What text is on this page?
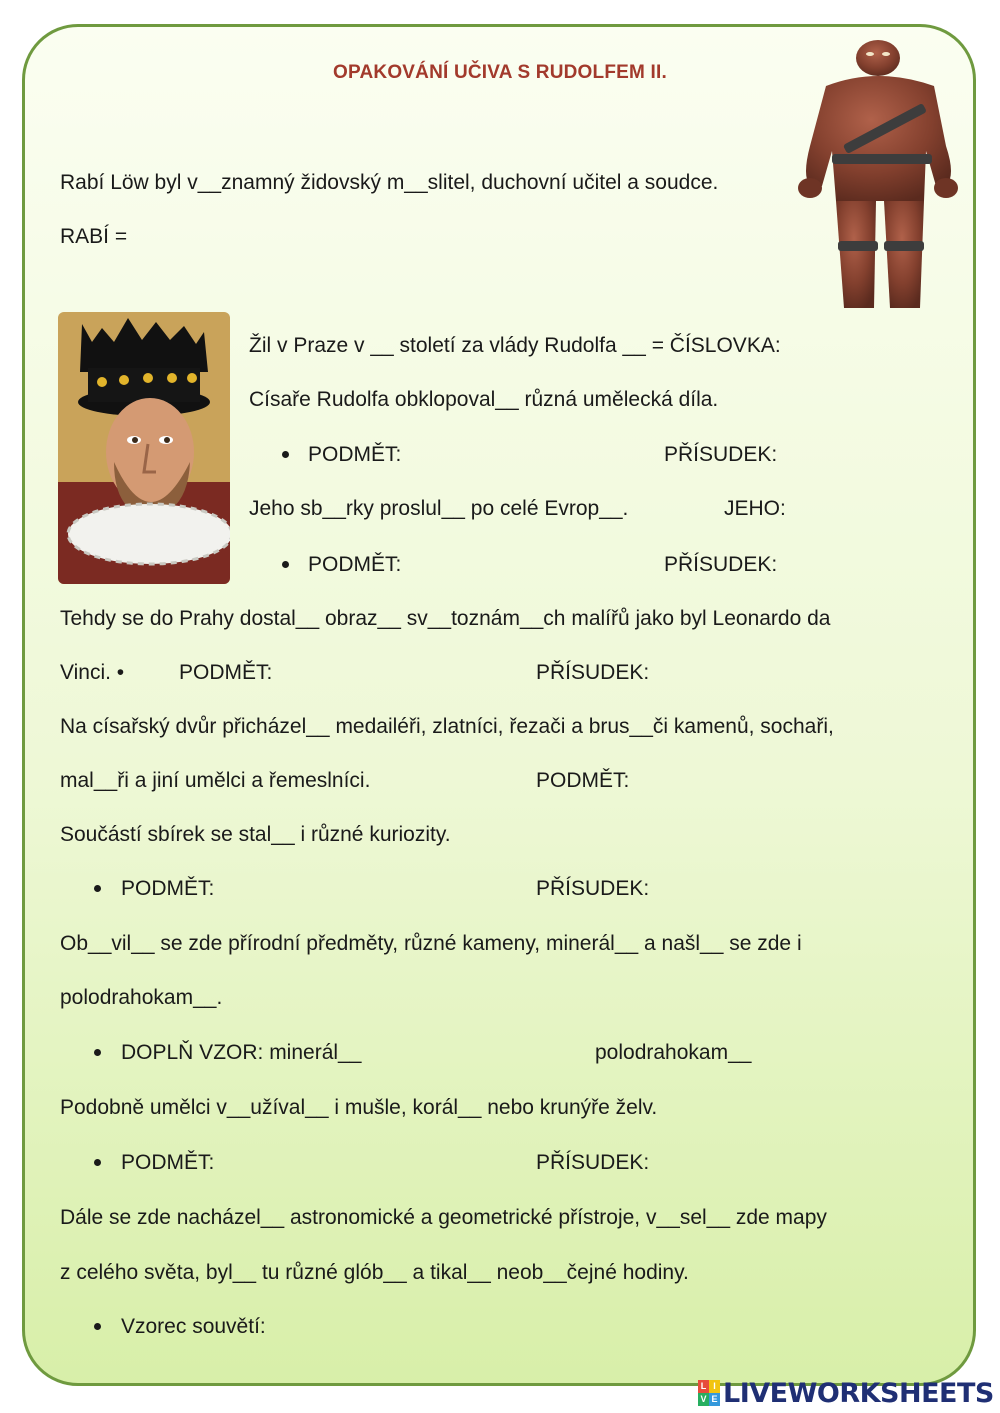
OPAKOVÁNÍ UČIVA S RUDOLFEM II.
Rabí Löw byl v__znamný židovský m__slitel, duchovní učitel a soudce.
RABÍ =
Žil v Praze v __ století za vlády Rudolfa __ = ČÍSLOVKA:
Císaře Rudolfa obklopoval__ různá umělecká díla.
PODMĚT:	PŘÍSUDEK:
Jeho sb__rky proslul__ po celé Evrop__.	JEHO:
PODMĚT:	PŘÍSUDEK:
Tehdy se do Prahy dostal__ obraz__ sv__toznám__ch malířů jako byl Leonardo da
Vinci. •	PODMĚT:	PŘÍSUDEK:
Na císařský dvůr přicházel__ medailéři, zlatníci, řezači a brus__či kamenů, sochaři,
mal__ři a jiní umělci a řemeslníci.	PODMĚT:
Součástí sbírek se stal__ i různé kuriozity.
PODMĚT:	PŘÍSUDEK:
Ob__vil__ se zde přírodní předměty, různé kameny, minerál__ a našl__ se zde i
polodrahokam__.
DOPLŇ VZOR: minerál__	polodrahokam__
Podobně umělci v__užíval__ i mušle, korál__ nebo krunýře želv.
PODMĚT:	PŘÍSUDEK:
Dále se zde nacházel__ astronomické a geometrické přístroje, v__sel__ zde mapy
z celého světa, byl__ tu různé glób__ a tikal__ neob__čejné hodiny.
Vzorec souvětí:
L I
V E LIVEWORKSHEETS
